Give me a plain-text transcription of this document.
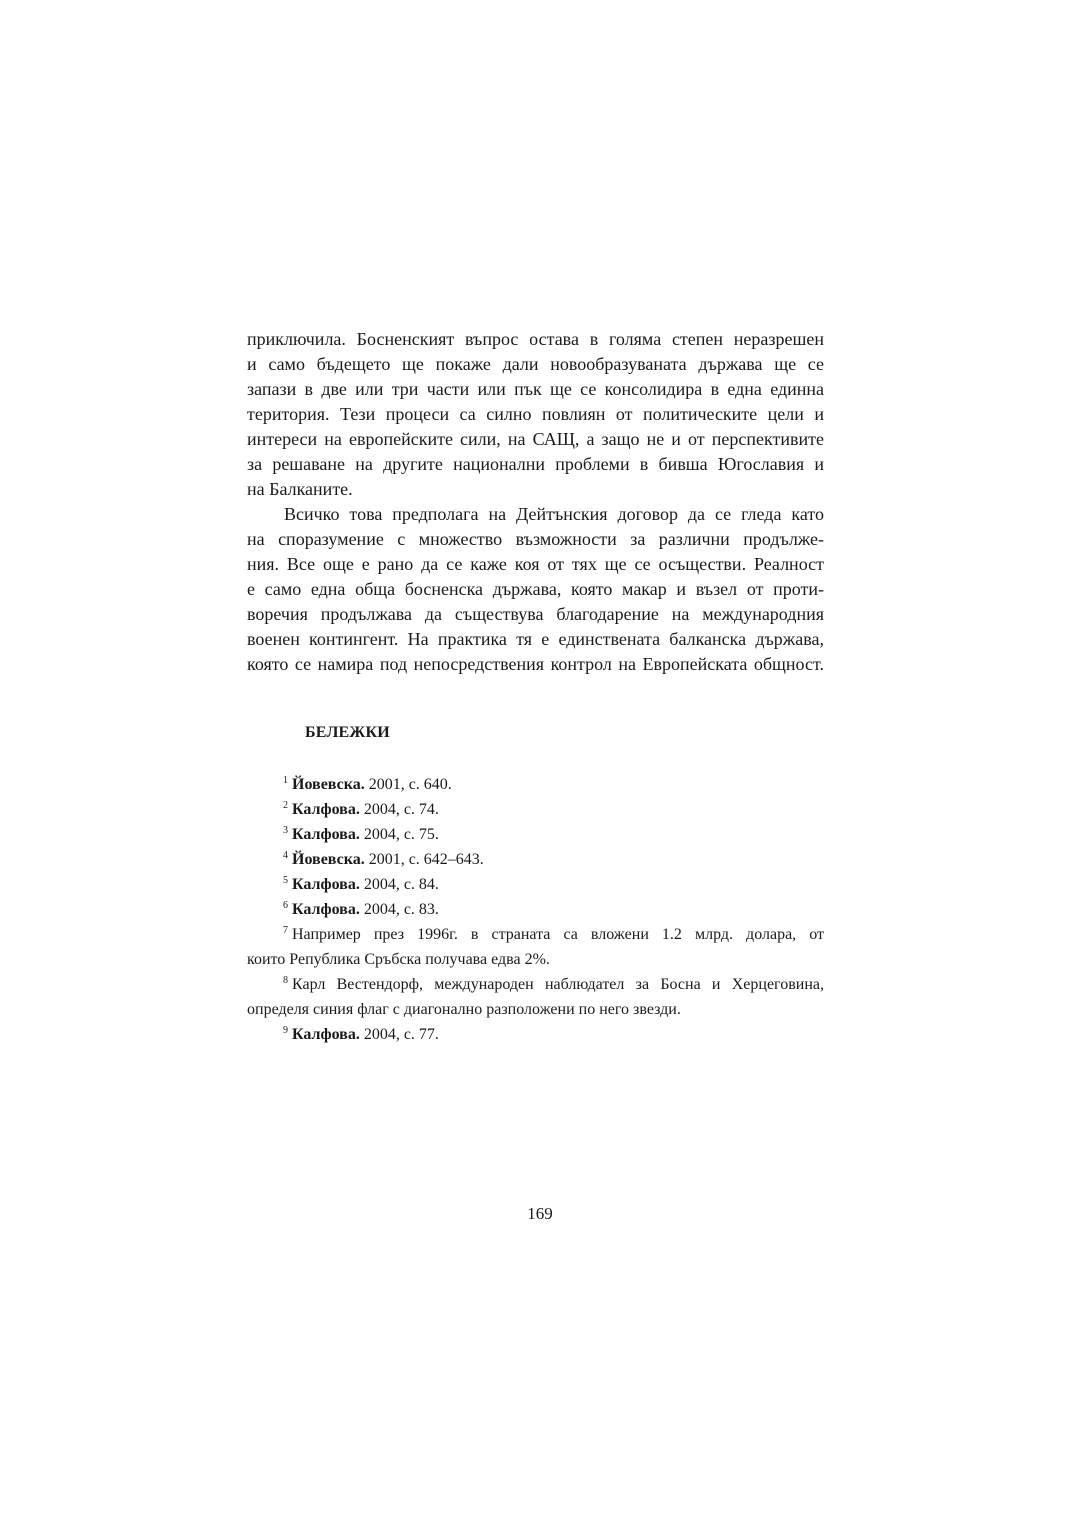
приключила. Босненският въпрос остава в голяма степен неразрешен
и само бъдещето ще покаже дали новообразуваната държава ще се
запази в две или три части или пък ще се консолидира в една единна
територия. Тези процеси са силно повлиян от политическите цели и
интереси на европейските сили, на САЩ, а защо не и от перспективите
за решаване на другите национални проблеми в бивша Югославия и
на Балканите.
Всичко това предполага на Дейтънския договор да се гледа като
на споразумение с множество възможности за различни продълже-
ния. Все още е рано да се каже коя от тях ще се осъществи. Реалност
е само една обща босненска държава, която макар и възел от проти-
воречия продължава да съществува благодарение на международния
военен контингент. На практика тя е единствената балканска държава,
която се намира под непосредствения контрол на Европейската общност.
БЕЛЕЖКИ
$^1$ Йовевска. 2001, с. 640.
$^2$ Калфова. 2004, с. 74.
$^3$ Калфова. 2004, с. 75.
$^4$ Йовевска. 2001, с. 642–643.
$^5$ Калфова. 2004, с. 84.
$^6$ Калфова. 2004, с. 83.
$^7$ Например през 1996г. в страната са вложени 1.2 млрд. долара, от
които Република Сръбска получава едва 2%.
$^8$ Карл Вестендорф, международен наблюдател за Босна и Херцеговина,
определя синия флаг с диагонално разположени по него звезди.
$^9$ Калфова. 2004, с. 77.
169
